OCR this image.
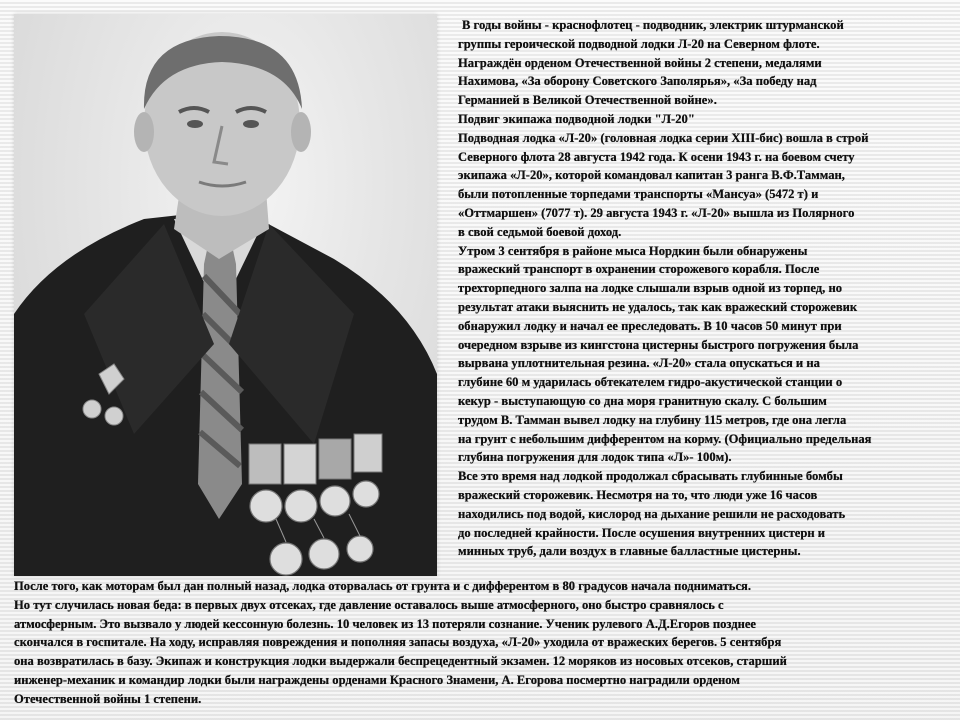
В годы войны - краснофлотец - подводник, электрик штурманской
группы героической подводной лодки Л-20 на Северном флоте.
Награждён орденом Отечественной войны 2 степени, медалями
Нахимова, «За оборону Советского Заполярья», «За победу над
Германией в Великой Отечественной войне».
Подвиг экипажа подводной лодки "Л-20"
Подводная лодка «Л-20» (головная лодка серии XIII-бис) вошла в строй
Северного флота 28 августа 1942 года. К осени 1943 г. на боевом счету
экипажа «Л-20», которой командовал капитан 3 ранга В.Ф.Тамман,
были потопленные торпедами транспорты «Мансуа» (5472 т) и
«Оттмаршен» (7077 т). 29 августа 1943 г. «Л-20» вышла из Полярного
в свой седьмой боевой доход.
Утром 3 сентября в районе мыса Нордкин были обнаружены
вражеский транспорт в охранении сторожевого корабля. После
трехторпедного залпа на лодке слышали взрыв одной из торпед, но
результат атаки выяснить не удалось, так как вражеский сторожевик
обнаружил лодку и начал ее преследовать. В 10 часов 50 минут при
очередном взрыве из кингстона цистерны быстрого погружения была
вырвана уплотнительная резина. «Л-20» стала опускаться и на
глубине 60 м ударилась обтекателем гидро-акустической станции о
кекур - выступающую со дна моря гранитную скалу. С большим
трудом В. Тамман вывел лодку на глубину 115 метров, где она легла
на грунт с небольшим дифферентом на корму. (Официально предельная
глубина погружения для лодок типа «Л»- 100м).
Все это время над лодкой продолжал сбрасывать глубинные бомбы
вражеский сторожевик. Несмотря на то, что люди уже 16 часов
находились под водой, кислород на дыхание решили не расходовать
до последней крайности. После осушения внутренних цистерн и
минных труб, дали воздух в главные балластные цистерны.
После того, как моторам был дан полный назад, лодка оторвалась от грунта и с дифферентом в 80 градусов начала подниматься.
Но тут случилась новая беда: в первых двух отсеках, где давление оставалось выше атмосферного, оно быстро сравнялось с
атмосферным. Это вызвало у людей кессонную болезнь. 10 человек из 13 потеряли сознание. Ученик рулевого А.Д.Егоров позднее
скончался в госпитале. На ходу, исправляя повреждения и пополняя запасы воздуха, «Л-20» уходила от вражеских берегов. 5 сентября
она возвратилась в базу. Экипаж и конструкция лодки выдержали беспрецедентный экзамен. 12 моряков из носовых отсеков, старший
инженер-механик и командир лодки были награждены орденами Красного Знамени, А. Егорова посмертно наградили орденом
Отечественной войны 1 степени.
